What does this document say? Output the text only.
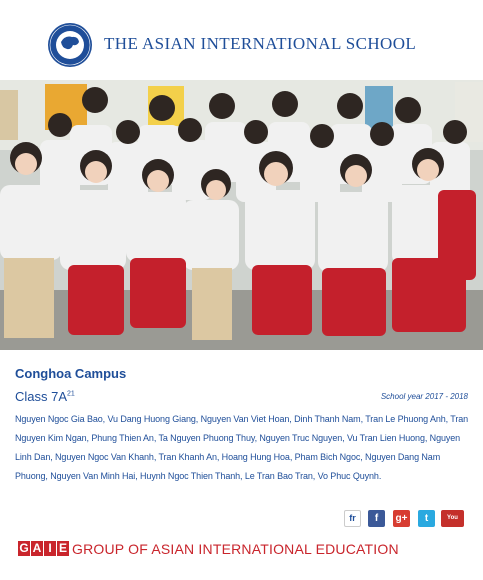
THE ASIAN INTERNATIONAL SCHOOL
Conghoa Campus
Class $7A^{21}$	School year 2017 - 2018
Nguyen Ngoc Gia Bao, Vu Dang Huong Giang, Nguyen Van Viet Hoan, Dinh Thanh Nam, Tran Le Phuong Anh, Tran Nguyen Kim Ngan, Phung Thien An, Ta Nguyen Phuong Thuy, Nguyen Truc Nguyen, Vu Tran Lien Huong, Nguyen Linh Dan, Nguyen Ngoc Van Khanh, Tran Khanh An, Hoang Hung Hoa, Pham Bich Ngoc, Nguyen Dang Nam Phuong, Nguyen Van Minh Hai, Huynh Ngoc Thien Thanh, Le Tran Bao Tran, Vo Phuc Quynh.
fr	f	g+	t	You Tube
G A I E GROUP OF ASIAN INTERNATIONAL EDUCATION
